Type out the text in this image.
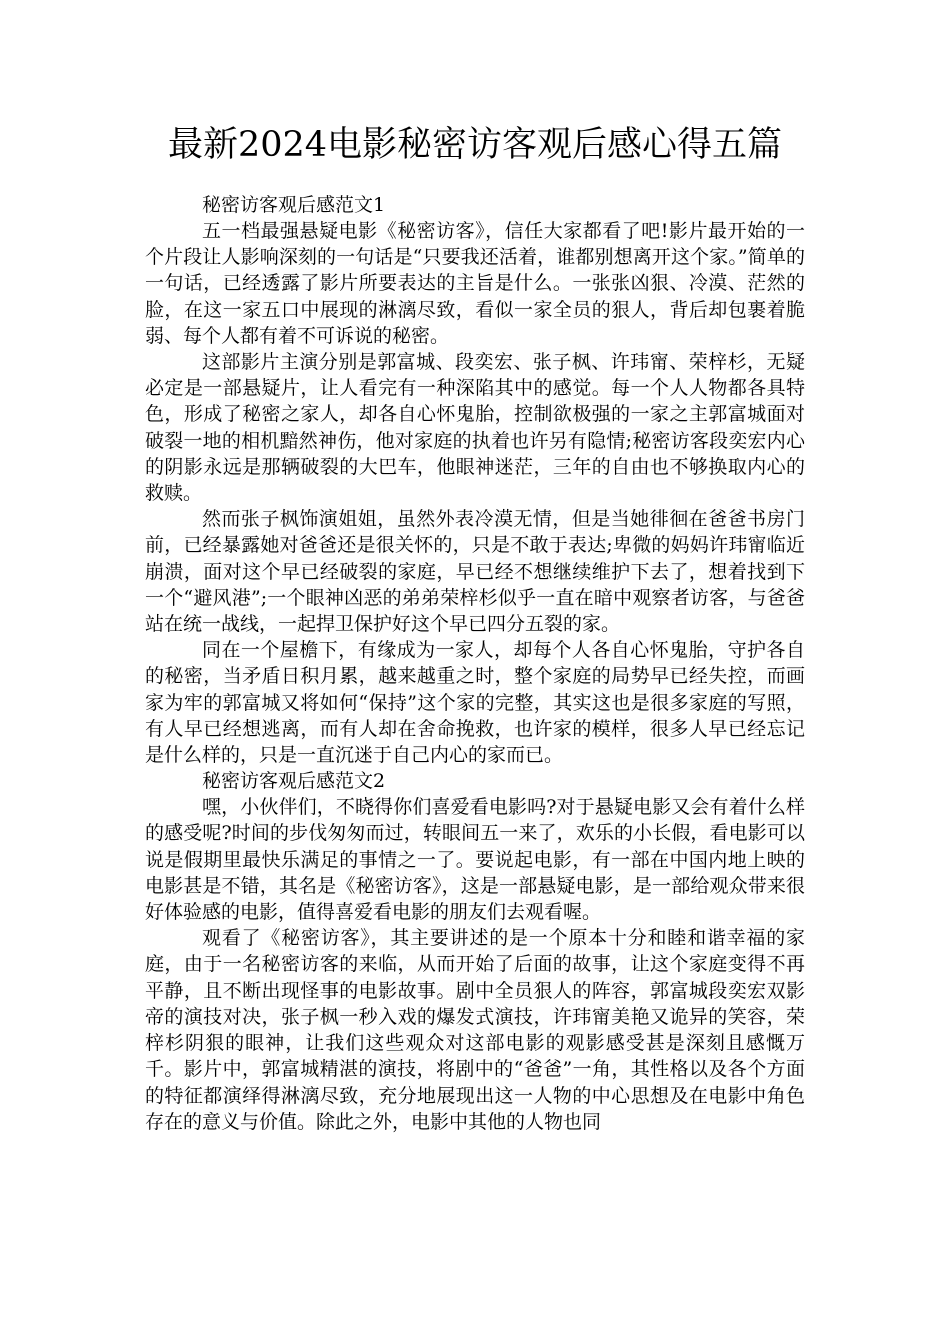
最新2024电影秘密访客观后感心得五篇

秘密访客观后感范文1

五一档最强悬疑电影《秘密访客》，信任大家都看了吧!影片最开始的一个片段让人影响深刻的一句话是“只要我还活着，谁都别想离开这个家。”简单的一句话，已经透露了影片所要表达的主旨是什么。一张张凶狠、冷漠、茫然的脸，在这一家五口中展现的淋漓尽致，看似一家全员的狠人，背后却包裹着脆弱、每个人都有着不可诉说的秘密。

这部影片主演分别是郭富城、段奕宏、张子枫、许玮甯、荣梓杉，无疑必定是一部悬疑片，让人看完有一种深陷其中的感觉。每一个人人物都各具特色，形成了秘密之家人，却各自心怀鬼胎，控制欲极强的一家之主郭富城面对破裂一地的相机黯然神伤，他对家庭的执着也许另有隐情;秘密访客段奕宏内心的阴影永远是那辆破裂的大巴车，他眼神迷茫，三年的自由也不够换取内心的救赎。

然而张子枫饰演姐姐，虽然外表冷漠无情，但是当她徘徊在爸爸书房门前，已经暴露她对爸爸还是很关怀的，只是不敢于表达;卑微的妈妈许玮甯临近崩溃，面对这个早已经破裂的家庭，早已经不想继续维护下去了，想着找到下一个“避风港”;一个眼神凶恶的弟弟荣梓杉似乎一直在暗中观察者访客，与爸爸站在统一战线，一起捍卫保护好这个早已四分五裂的家。

同在一个屋檐下，有缘成为一家人，却每个人各自心怀鬼胎，守护各自的秘密，当矛盾日积月累，越来越重之时，整个家庭的局势早已经失控，而画家为牢的郭富城又将如何“保持”这个家的完整，其实这也是很多家庭的写照，有人早已经想逃离，而有人却在舍命挽救，也许家的模样，很多人早已经忘记是什么样的，只是一直沉迷于自己内心的家而已。

秘密访客观后感范文2

嘿，小伙伴们，不晓得你们喜爱看电影吗?对于悬疑电影又会有着什么样的感受呢?时间的步伐匆匆而过，转眼间五一来了，欢乐的小长假，看电影可以说是假期里最快乐满足的事情之一了。要说起电影，有一部在中国内地上映的电影甚是不错，其名是《秘密访客》，这是一部悬疑电影，是一部给观众带来很好体验感的电影，值得喜爱看电影的朋友们去观看喔。

观看了《秘密访客》，其主要讲述的是一个原本十分和睦和谐幸福的家庭，由于一名秘密访客的来临，从而开始了后面的故事，让这个家庭变得不再平静，且不断出现怪事的电影故事。剧中全员狠人的阵容，郭富城段奕宏双影帝的演技对决，张子枫一秒入戏的爆发式演技，许玮甯美艳又诡异的笑容，荣梓杉阴狠的眼神，让我们这些观众对这部电影的观影感受甚是深刻且感慨万千。影片中，郭富城精湛的演技，将剧中的“爸爸”一角，其性格以及各个方面的特征都演绎得淋漓尽致，充分地展现出这一人物的中心思想及在电影中角色存在的意义与价值。除此之外，电影中其他的人物也同
